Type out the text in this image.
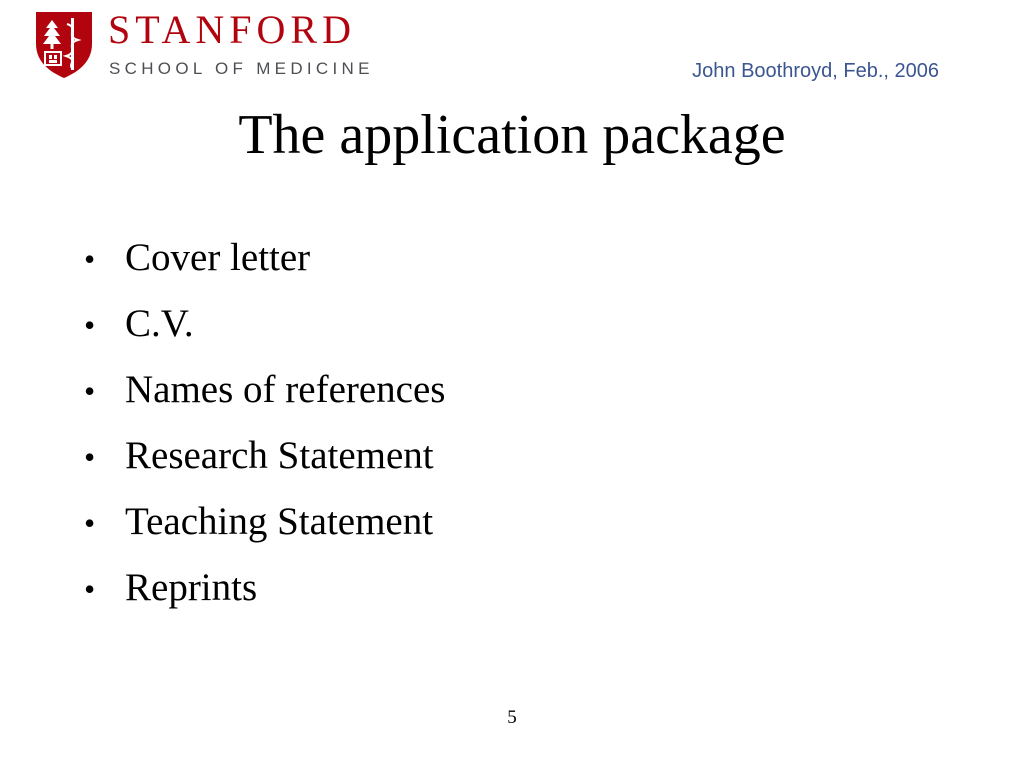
STANFORD
SCHOOL OF MEDICINE	John Boothroyd, Feb., 2006
The application package
• Cover letter
• C.V.
• Names of references
• Research Statement
• Teaching Statement
• Reprints
5
